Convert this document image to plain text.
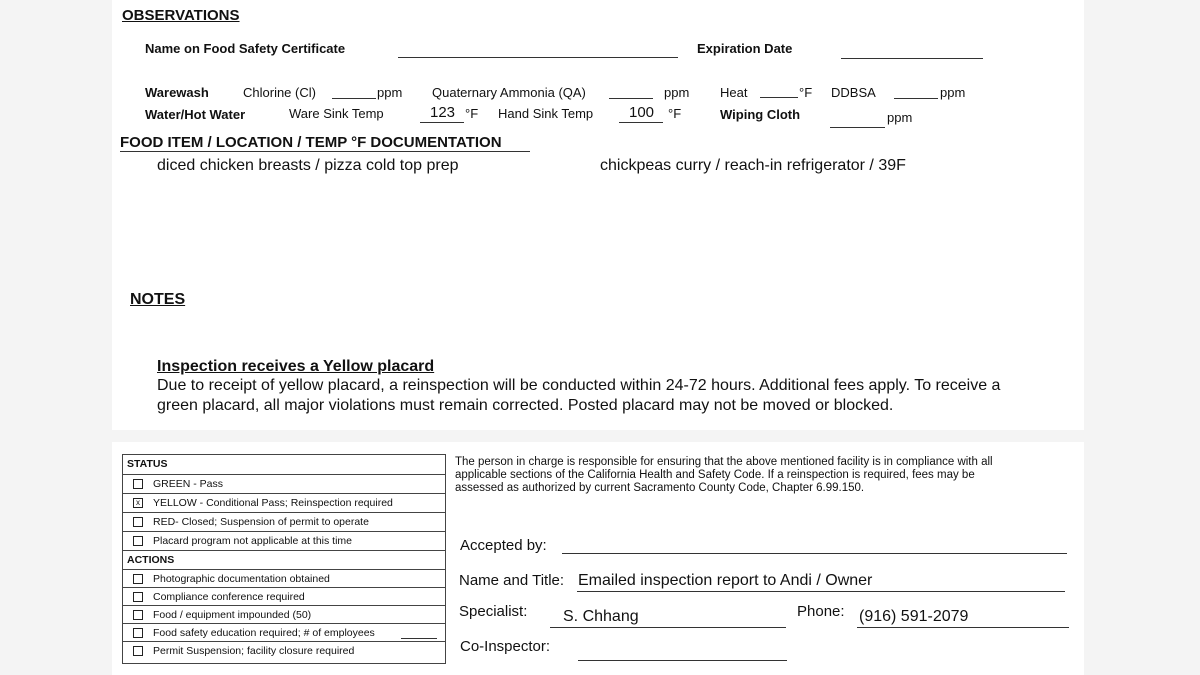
OBSERVATIONS
Name on Food Safety Certificate	Expiration Date
Warewash	Chlorine (Cl)	ppm Quaternary Ammonia (QA)	ppm Heat	°F DDBSA	ppm
Water/Hot Water	Ware Sink Temp	123 °F Hand Sink Temp 100 °F	Wiping Cloth	ppm
FOOD ITEM / LOCATION / TEMP °F DOCUMENTATION
diced chicken breasts / pizza cold top prep	chickpeas curry / reach-in refrigerator / 39F
NOTES
Inspection receives a Yellow placard
Due to receipt of yellow placard, a reinspection will be conducted within 24-72 hours. Additional fees apply. To receive a
green placard, all major violations must remain corrected. Posted placard may not be moved or blocked.
STATUS
GREEN - Pass
x YELLOW - Conditional Pass; Reinspection required
RED- Closed; Suspension of permit to operate
Placard program not applicable at this time
ACTIONS
Photographic documentation obtained
Compliance conference required
Food / equipment impounded (50)
Food safety education required; # of employees
Permit Suspension; facility closure required
The person in charge is responsible for ensuring that the above mentioned facility is in compliance with all
applicable sections of the California Health and Safety Code. If a reinspection is required, fees may be
assessed as authorized by current Sacramento County Code, Chapter 6.99.150.
Accepted by:
Name and Title: Emailed inspection report to Andi / Owner
Specialist: S. Chhang	Phone: (916) 591-2079
Co-Inspector:
